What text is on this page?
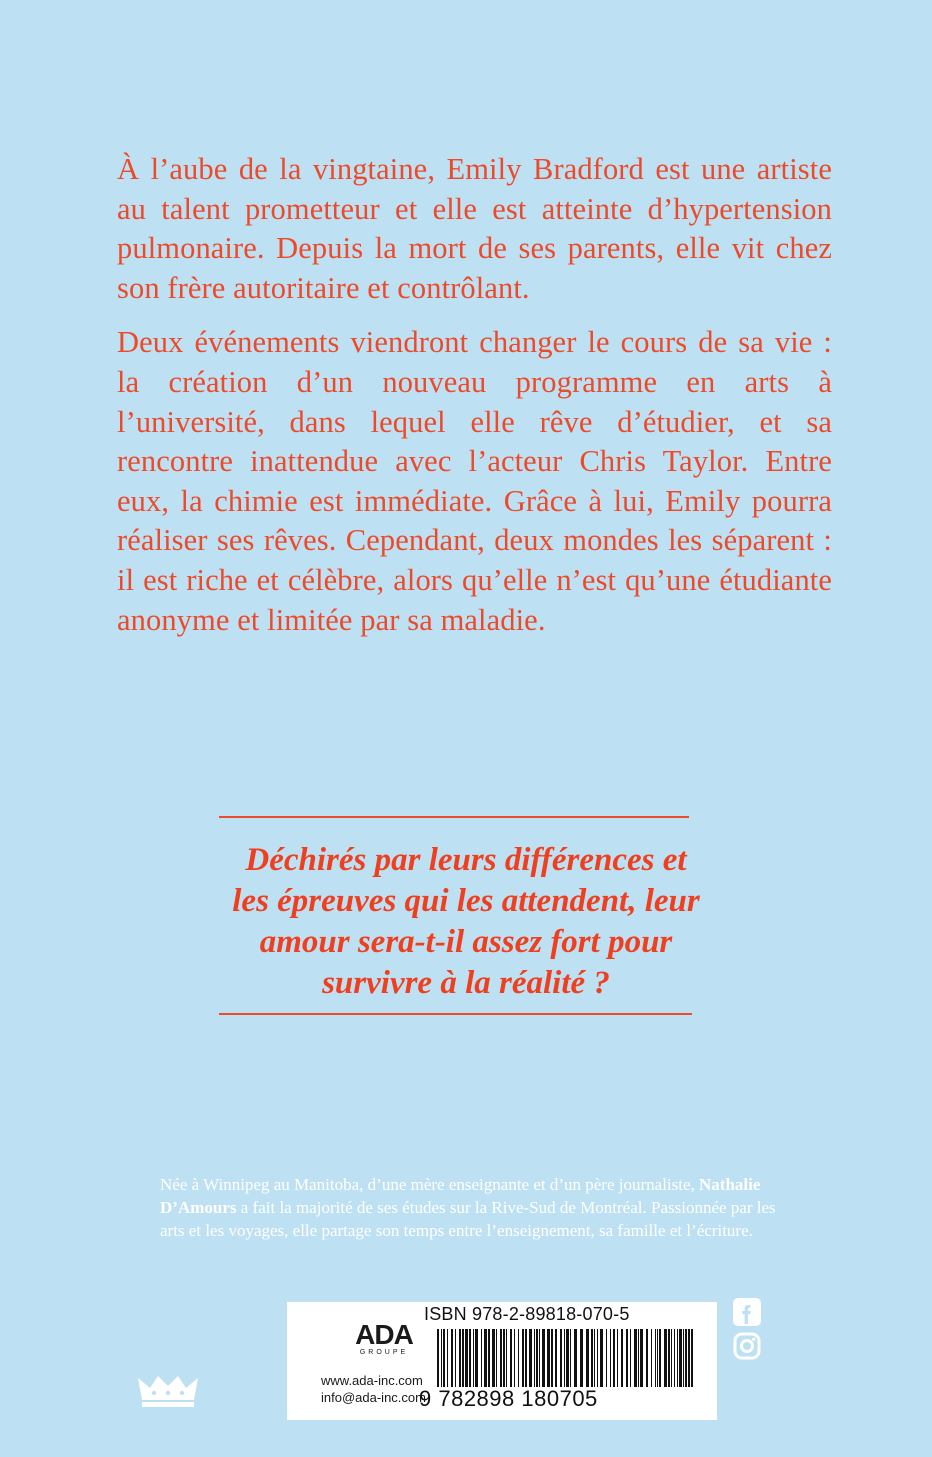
À l’aube de la vingtaine, Emily Bradford est une artiste au talent prometteur et elle est atteinte d’hypertension pulmonaire. Depuis la mort de ses parents, elle vit chez son frère autoritaire et contrôlant.

Deux événements viendront changer le cours de sa vie : la création d’un nouveau programme en arts à l’université, dans lequel elle rêve d’étudier, et sa rencontre inattendue avec l’acteur Chris Taylor. Entre eux, la chimie est immédiate. Grâce à lui, Emily pourra réaliser ses rêves. Cependant, deux mondes les séparent : il est riche et célèbre, alors qu’elle n’est qu’une étudiante anonyme et limitée par sa maladie.

Déchirés par leurs différences et
les épreuves qui les attendent, leur
amour sera-t-il assez fort pour
survivre à la réalité ?

Née à Winnipeg au Manitoba, d’une mère enseignante et d’un père journaliste, Nathalie D’Amours a fait la majorité de ses études sur la Rive-Sud de Montréal. Passionnée par les arts et les voyages, elle partage son temps entre l’enseignement, sa famille et l’écriture.

ADA
GROUPE
www.ada-inc.com
info@ada-inc.com
ISBN 978-2-89818-070-5
9 782898 180705
